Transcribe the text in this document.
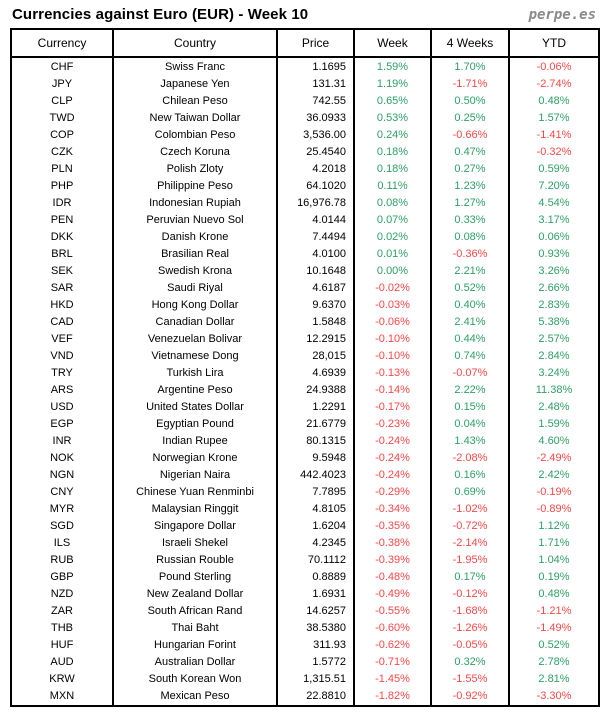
Currencies against Euro (EUR) - Week 10	perpe.es
Currency	Country	Price	Week	4 Weeks	YTD
CHF	Swiss Franc	1.1695	1.59%	1.70%	-0.06%
JPY	Japanese Yen	131.31	1.19%	-1.71%	-2.74%
CLP	Chilean Peso	742.55	0.65%	0.50%	0.48%
TWD	New Taiwan Dollar	36.0933	0.53%	0.25%	1.57%
COP	Colombian Peso	3,536.00	0.24%	-0.66%	-1.41%
CZK	Czech Koruna	25.4540	0.18%	0.47%	-0.32%
PLN	Polish Zloty	4.2018	0.18%	0.27%	0.59%
PHP	Philippine Peso	64.1020	0.11%	1.23%	7.20%
IDR	Indonesian Rupiah	16,976.78	0.08%	1.27%	4.54%
PEN	Peruvian Nuevo Sol	4.0144	0.07%	0.33%	3.17%
DKK	Danish Krone	7.4494	0.02%	0.08%	0.06%
BRL	Brasilian Real	4.0100	0.01%	-0.36%	0.93%
SEK	Swedish Krona	10.1648	0.00%	2.21%	3.26%
SAR	Saudi Riyal	4.6187	-0.02%	0.52%	2.66%
HKD	Hong Kong Dollar	9.6370	-0.03%	0.40%	2.83%
CAD	Canadian Dollar	1.5848	-0.06%	2.41%	5.38%
VEF	Venezuelan Bolivar	12.2915	-0.10%	0.44%	2.57%
VND	Vietnamese Dong	28,015	-0.10%	0.74%	2.84%
TRY	Turkish Lira	4.6939	-0.13%	-0.07%	3.24%
ARS	Argentine Peso	24.9388	-0.14%	2.22%	11.38%
USD	United States Dollar	1.2291	-0.17%	0.15%	2.48%
EGP	Egyptian Pound	21.6779	-0.23%	0.04%	1.59%
INR	Indian Rupee	80.1315	-0.24%	1.43%	4.60%
NOK	Norwegian Krone	9.5948	-0.24%	-2.08%	-2.49%
NGN	Nigerian Naira	442.4023	-0.24%	0.16%	2.42%
CNY	Chinese Yuan Renminbi	7.7895	-0.29%	0.69%	-0.19%
MYR	Malaysian Ringgit	4.8105	-0.34%	-1.02%	-0.89%
SGD	Singapore Dollar	1.6204	-0.35%	-0.72%	1.12%
ILS	Israeli Shekel	4.2345	-0.38%	-2.14%	1.71%
RUB	Russian Rouble	70.1112	-0.39%	-1.95%	1.04%
GBP	Pound Sterling	0.8889	-0.48%	0.17%	0.19%
NZD	New Zealand Dollar	1.6931	-0.49%	-0.12%	0.48%
ZAR	South African Rand	14.6257	-0.55%	-1.68%	-1.21%
THB	Thai Baht	38.5380	-0.60%	-1.26%	-1.49%
HUF	Hungarian Forint	311.93	-0.62%	-0.05%	0.52%
AUD	Australian Dollar	1.5772	-0.71%	0.32%	2.78%
KRW	South Korean Won	1,315.51	-1.45%	-1.55%	2.81%
MXN	Mexican Peso	22.8810	-1.82%	-0.92%	-3.30%
